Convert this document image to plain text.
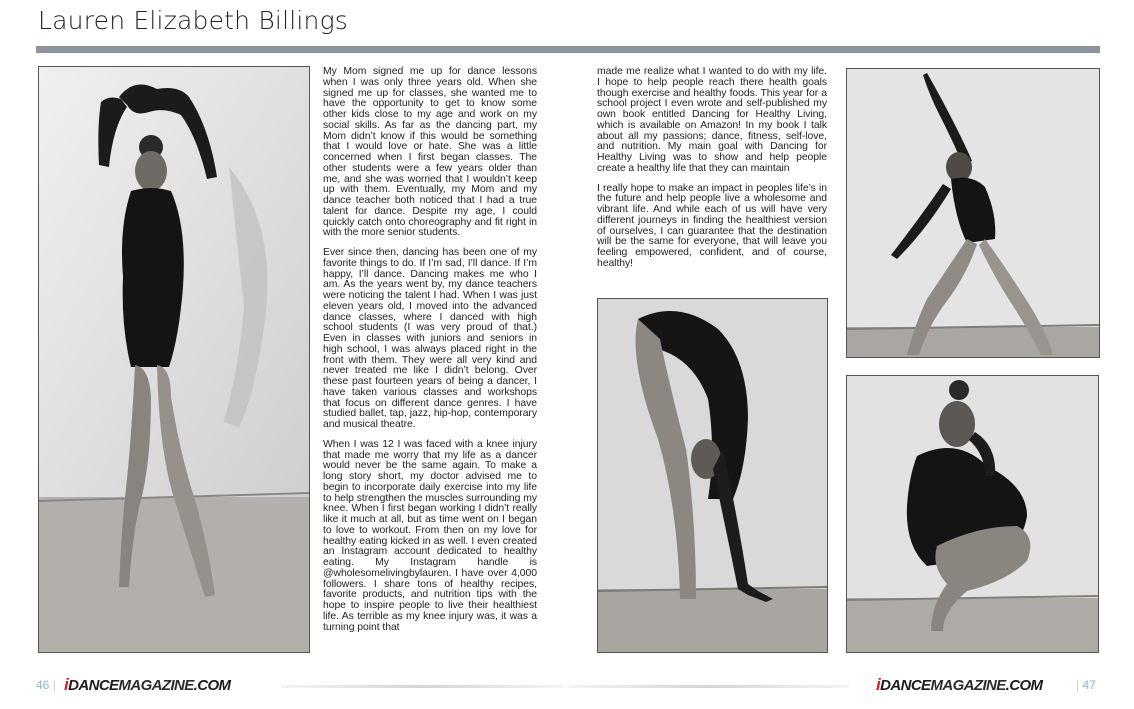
Lauren Elizabeth Billings

My Mom signed me up for dance lessons when I was only three years old. When she signed me up for classes, she wanted me to have the opportunity to get to know some other kids close to my age and work on my social skills. As far as the dancing part, my Mom didn’t know if this would be something that I would love or hate. She was a little concerned when I first began classes. The other students were a few years older than me, and she was worried that I wouldn’t keep up with them. Eventually, my Mom and my dance teacher both noticed that I had a true talent for dance. Despite my age, I could quickly catch onto choreography and fit right in with the more senior students.

Ever since then, dancing has been one of my favorite things to do. If I’m sad, I’ll dance. If I’m happy, I’ll dance. Dancing makes me who I am. As the years went by, my dance teachers were noticing the talent I had. When I was just eleven years old, I moved into the advanced dance classes, where I danced with high school students (I was very proud of that.) Even in classes with juniors and seniors in high school, I was always placed right in the front with them. They were all very kind and never treated me like I didn’t belong. Over these past fourteen years of being a dancer, I have taken various classes and workshops that focus on different dance genres. I have studied ballet, tap, jazz, hip-hop, contemporary and musical theatre.

When I was 12 I was faced with a knee injury that made me worry that my life as a dancer would never be the same again. To make a long story short, my doctor advised me to begin to incorporate daily exercise into my life to help strengthen the muscles surrounding my knee. When I first began working I didn’t really like it much at all, but as time went on I began to love to workout. From then on my love for healthy eating kicked in as well. I even created an Instagram account dedicated to healthy eating. My Instagram handle is @wholesomelivingbylauren. I have over 4,000 followers. I share tons of healthy recipes, favorite products, and nutrition tips with the hope to inspire people to live their healthiest life. As terrible as my knee injury was, it was a turning point that

made me realize what I wanted to do with my life. I hope to help people reach there health goals though exercise and healthy foods. This year for a school project I even wrote and self-published my own book entitled Dancing for Healthy Living, which is available on Amazon! In my book I talk about all my passions; dance, fitness, self-love, and nutrition. My main goal with Dancing for Healthy Living was to show and help people create a healthy life that they can maintain

I really hope to make an impact in peoples life’s in the future and help people live a wholesome and vibrant life. And while each of us will have very different journeys in finding the healthiest version of ourselves, I can guarantee that the destination will be the same for everyone, that will leave you feeling empowered, confident, and of course, healthy!

46 | iDANCEMAGAZINE.COM	iDANCEMAGAZINE.COM	| 47
